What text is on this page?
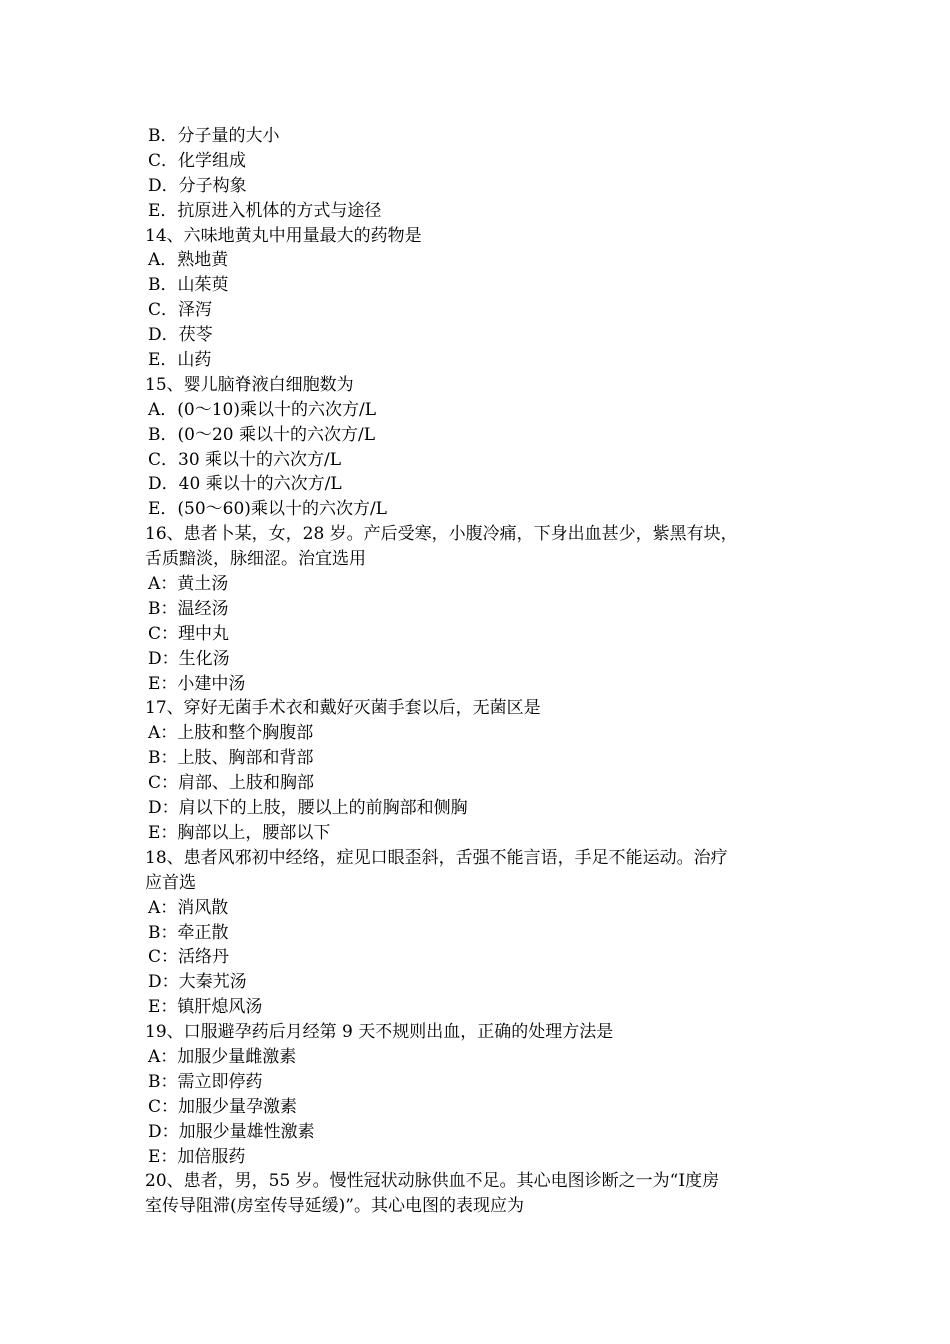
B．分子量的大小
C．化学组成
D．分子构象
E．抗原进入机体的方式与途径
14、六味地黄丸中用量最大的药物是
A．熟地黄
B．山茱萸
C．泽泻
D．茯苓
E．山药
15、婴儿脑脊液白细胞数为
A．(0～10)乘以十的六次方/L
B．(0～20 乘以十的六次方/L
C．30 乘以十的六次方/L
D．40 乘以十的六次方/L
E．(50～60)乘以十的六次方/L
16、患者卜某，女，28 岁。产后受寒，小腹冷痛，下身出血甚少，紫黑有块，
舌质黯淡，脉细涩。治宜选用
A：黄土汤
B：温经汤
C：理中丸
D：生化汤
E：小建中汤
17、穿好无菌手术衣和戴好灭菌手套以后，无菌区是
A：上肢和整个胸腹部
B：上肢、胸部和背部
C：肩部、上肢和胸部
D：肩以下的上肢，腰以上的前胸部和侧胸
E：胸部以上，腰部以下
18、患者风邪初中经络，症见口眼歪斜，舌强不能言语，手足不能运动。治疗
应首选
A：消风散
B：牵正散
C：活络丹
D：大秦艽汤
E：镇肝熄风汤
19、口服避孕药后月经第 9 天不规则出血，正确的处理方法是
A：加服少量雌激素
B：需立即停药
C：加服少量孕激素
D：加服少量雄性激素
E：加倍服药
20、患者，男，55 岁。慢性冠状动脉供血不足。其心电图诊断之一为“Ⅰ度房
室传导阻滞(房室传导延缓)”。其心电图的表现应为
